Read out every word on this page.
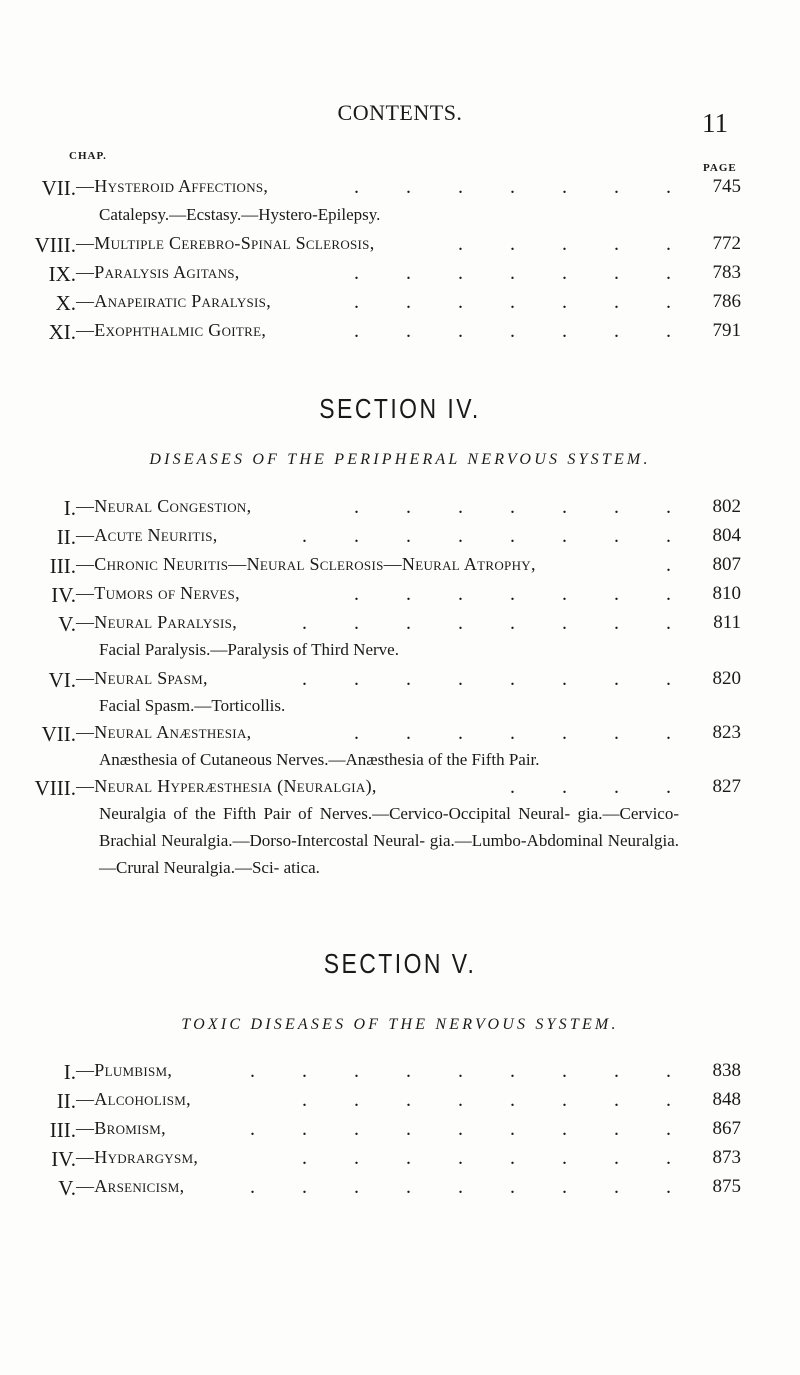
CONTENTS.	11
CHAP.
PAGE
VII. —Hysteroid Affections,	. . . . . . .	745
Catalepsy.—Ecstasy.—Hystero-Epilepsy.
VIII. —Multiple Cerebro-Spinal Sclerosis,	. . . . .	772
IX. —Paralysis Agitans,	. . . . . . .	783
X. —Anapeiratic Paralysis,	. . . . . . .	786
XI. —Exophthalmic Goitre,	. . . . . . .	791
SECTION IV.
DISEASES OF THE PERIPHERAL NERVOUS SYSTEM.
I. —Neural Congestion,	. . . . . . .	802
II. —Acute Neuritis,	. . . . . . . .	804
III. —Chronic Neuritis—Neural Sclerosis—Neural Atrophy,	.	807
IV. —Tumors of Nerves,	. . . . . . .	810
V. —Neural Paralysis,	. . . . . . . .	811
Facial Paralysis.—Paralysis of Third Nerve.
VI. —Neural Spasm,	. . . . . . . .	820
Facial Spasm.—Torticollis.
VII. —Neural Anæsthesia,	. . . . . . .	823
Anæsthesia of Cutaneous Nerves.—Anæsthesia of the Fifth Pair.
VIII. —Neural Hyperæsthesia (Neuralgia),	. . . .	827
Neuralgia of the Fifth Pair of Nerves.—Cervico-Occipital Neural- gia.—Cervico-Brachial Neuralgia.—Dorso-Intercostal Neural- gia.—Lumbo-Abdominal Neuralgia.—Crural Neuralgia.—Sci- atica.
SECTION V.
TOXIC DISEASES OF THE NERVOUS SYSTEM.
I. —Plumbism,	. . . . . . . . .	838
II. —Alcoholism,	. . . . . . . .	848
III. —Bromism,	. . . . . . . . .	867
IV. —Hydrargysm,	. . . . . . . .	873
V. —Arsenicism,	. . . . . . . . .	875
